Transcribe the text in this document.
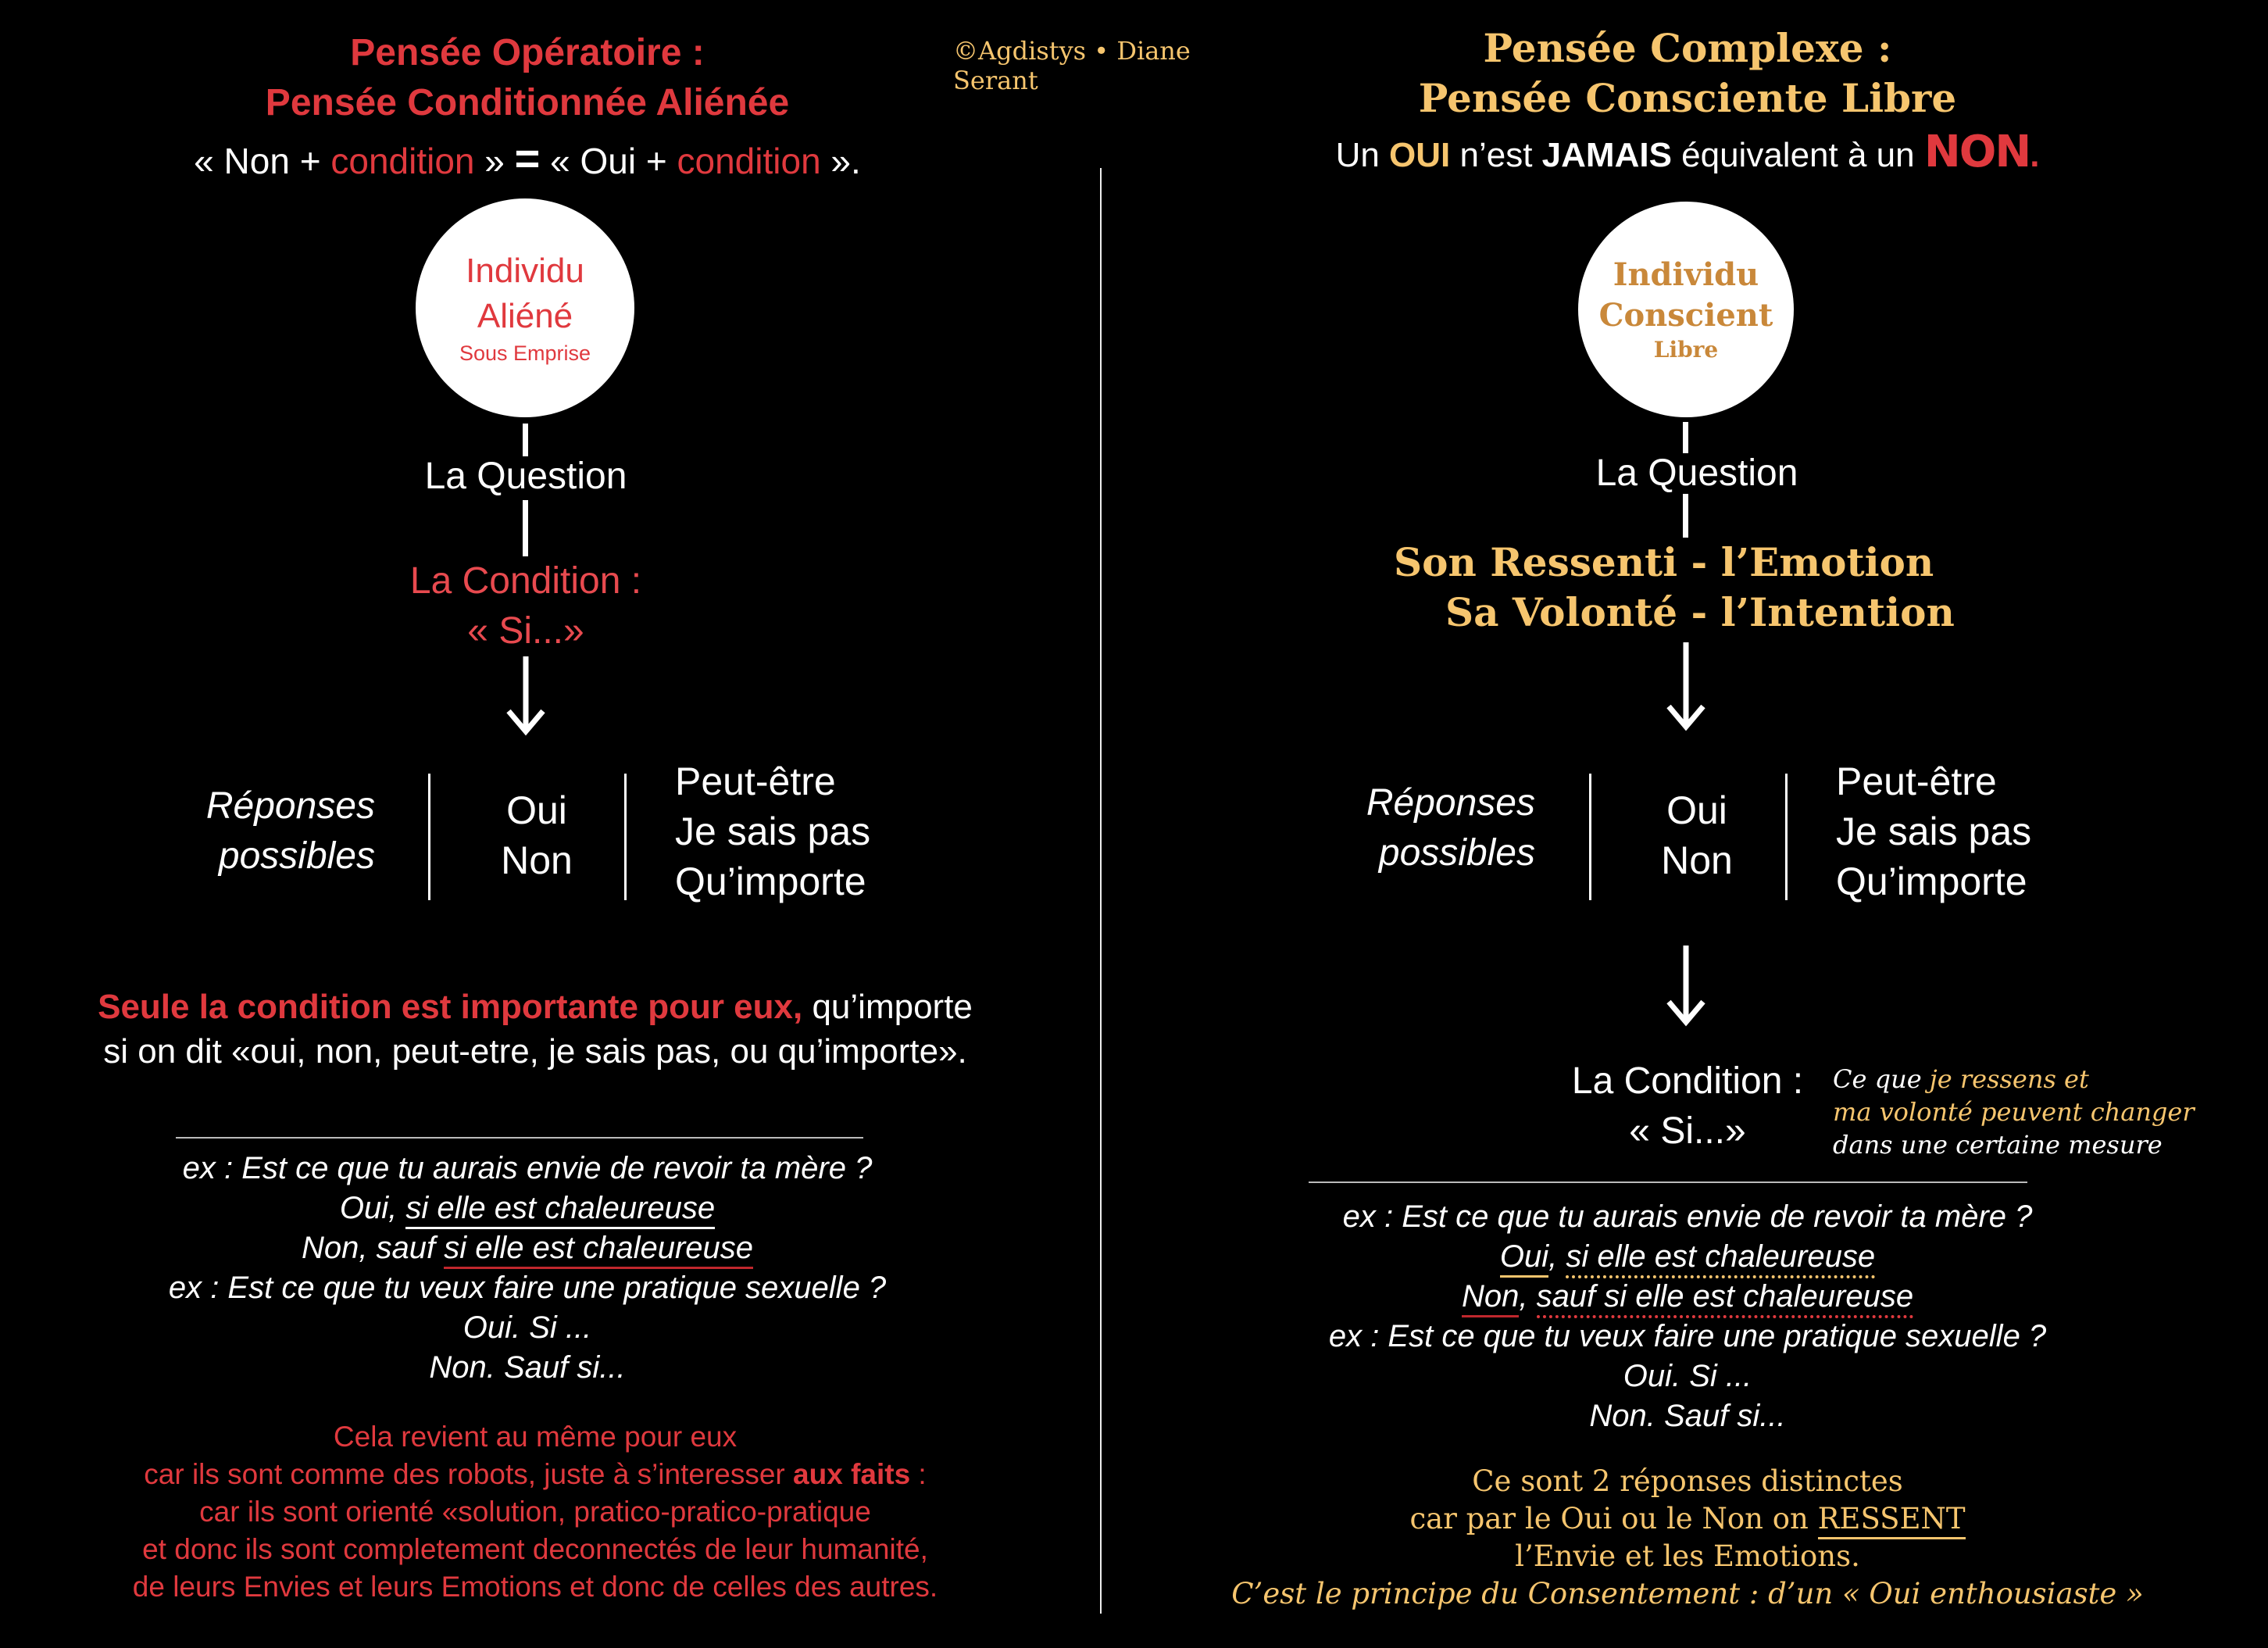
©Agdistys • Diane Serant
Pensée Opératoire :
Pensée Conditionnée Aliénée
« Non + condition » = « Oui + condition ».
Individu
Aliéné
Sous Emprise
La Question
La Condition :
« Si...»
Réponses
possibles
Oui
Non
Peut-être
Je sais pas
Qu’importe
Seule la condition est importante pour eux, qu’importe
si on dit «oui, non, peut-etre, je sais pas, ou qu’importe».
ex : Est ce que tu aurais envie de revoir ta mère ?
Oui, si elle est chaleureuse
Non, sauf si elle est chaleureuse
ex : Est ce que tu veux faire une pratique sexuelle ?
Oui. Si ...
Non. Sauf si...
Cela revient au même pour eux
car ils sont comme des robots, juste à s’interesser aux faits :
car ils sont orienté «solution, pratico-pratico-pratique
et donc ils sont completement deconnectés de leur humanité,
de leurs Envies et leurs Emotions et donc de celles des autres.
Pensée Complexe :
Pensée Consciente Libre
Un OUI n’est JAMAIS équivalent à un NON.
Individu
Conscient
Libre
La Question
Son Ressenti - l’Emotion
Sa Volonté - l’Intention
Réponses
possibles
Oui
Non
Peut-être
Je sais pas
Qu’importe
La Condition :
« Si...»
Ce que je ressens et
ma volonté peuvent changer
dans une certaine mesure
ex : Est ce que tu aurais envie de revoir ta mère ?
Oui, si elle est chaleureuse
Non, sauf si elle est chaleureuse
ex : Est ce que tu veux faire une pratique sexuelle ?
Oui. Si ...
Non. Sauf si...
Ce sont 2 réponses distinctes
car par le Oui ou le Non on RESSENT
l’Envie et les Emotions.
C’est le principe du Consentement : d’un « Oui enthousiaste »
